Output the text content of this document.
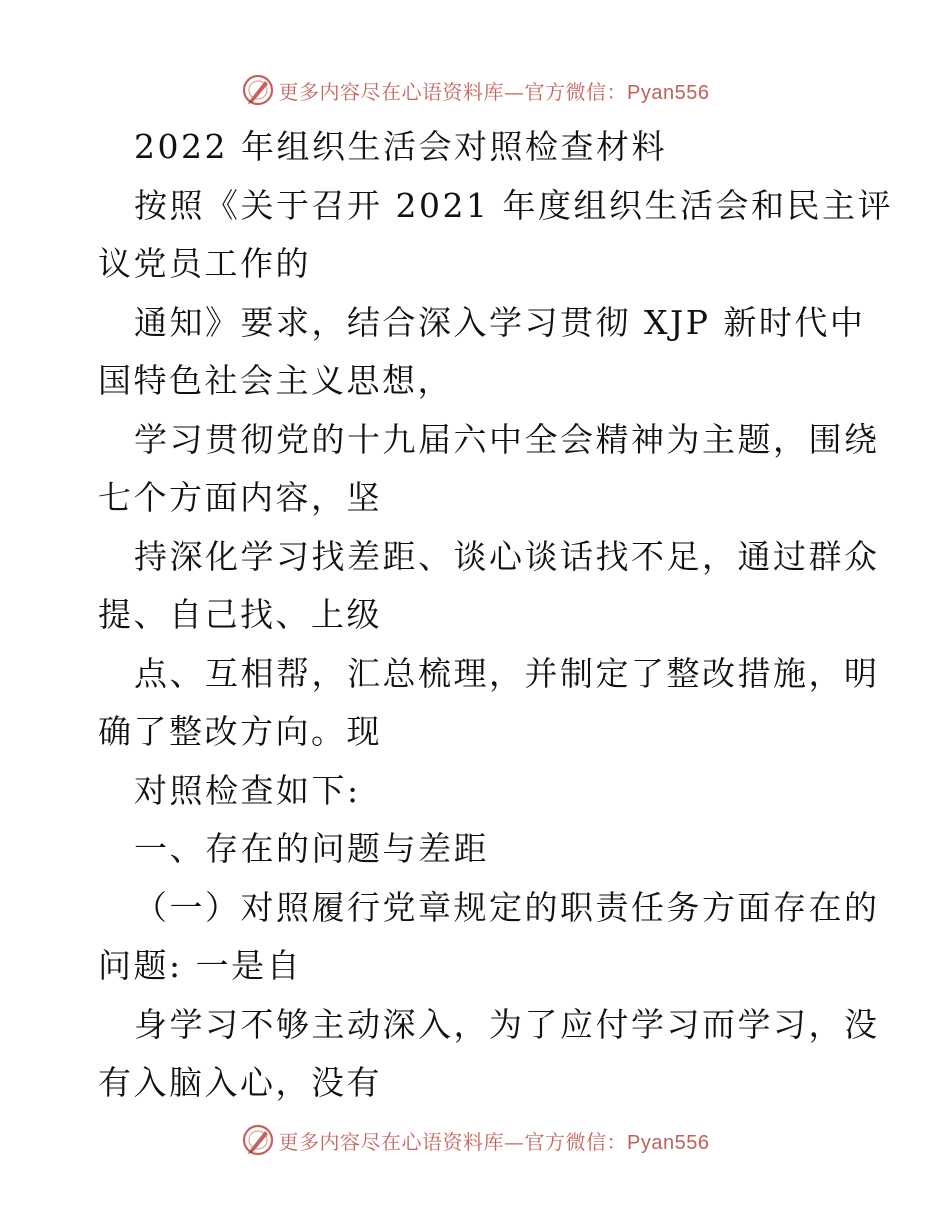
更多内容尽在心语资料库—官方微信：Pyan556
2022 年组织生活会对照检查材料
按照《关于召开 2021 年度组织生活会和民主评
议党员工作的
通知》要求，结合深入学习贯彻 XJP 新时代中
国特色社会主义思想，
学习贯彻党的十九届六中全会精神为主题，围绕
七个方面内容，坚
持深化学习找差距、谈心谈话找不足，通过群众
提、自己找、上级
点、互相帮，汇总梳理，并制定了整改措施，明
确了整改方向。现
对照检查如下:
一、存在的问题与差距
（一）对照履行党章规定的职责任务方面存在的
问题: 一是自
身学习不够主动深入，为了应付学习而学习，没
有入脑入心，没有
更多内容尽在心语资料库—官方微信：Pyan556
